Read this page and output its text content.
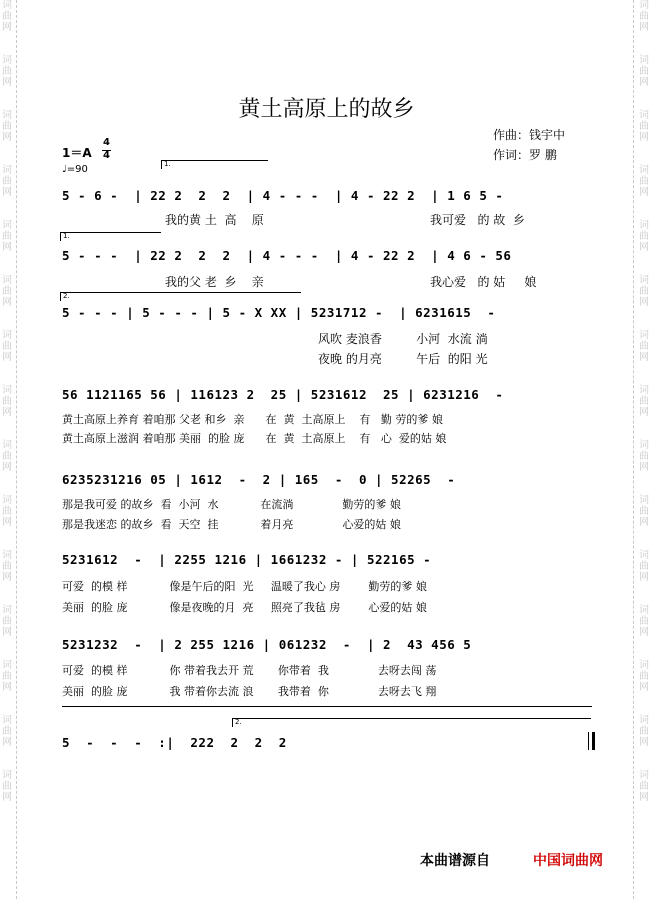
词
曲
网

词
曲
网

词
曲
网

词
曲
网

词
曲
网

词
曲
网

词
曲
网

词
曲
网

词
曲
网

词
曲
网

词
曲
网

词
曲
网

词
曲
网

词
曲
网

词
曲
网

词
曲
网

词
曲
网

词
曲
网

词
曲
网

词
曲
网

词
曲
网

词
曲
网

词
曲
网

词
曲
网

词
曲
网

词
曲
网

词
曲
网

词
曲
网

词
曲
网

词
曲
网

黄土高原上的故乡
作曲：钱宇中
作词：罗 鹏
1＝A
4
4
♩=90	1.
5 - 6 -  | 22 2  2  2  | 4 - - -  | 4 - 22 2  | 1 6 5 -
我的黄 土  高    原	我可爱   的 故  乡
1.
5 - - -  | 22 2  2  2  | 4 - - -  | 4 - 22 2  | 4 6 - 56
我的父 老  乡    亲	我心爱   的 姑     娘
2.
5 - - - | 5 - - - | 5 - X XX | 5231712 -  | 6231615  -
风吹 麦浪香         小河  水流 淌
夜晚 的月亮         午后  的阳 光
56 1121165 56 | 116123 2  25 | 5231612  25 | 6231216  -
黄土高原上养育 着咱那 父老 和乡  亲      在  黄  土高原上    有   勤 劳的爹 娘
黄土高原上滋润 着咱那 美丽  的脸 庞      在  黄  土高原上    有   心  爱的姑 娘
6235231216 05 | 1612  -  2 | 165  -  0 | 52265  -
那是我可爱 的故乡  看  小河  水            在流淌              勤劳的爹 娘
那是我迷恋 的故乡  看  天空  挂            着月亮              心爱的姑 娘
5231612  -  | 2255 1216 | 1661232 - | 522165 -
可爱  的模 样            像是午后的阳  光     温暖了我心 房        勤劳的爹 娘
美丽  的脸 庞            像是夜晚的月  亮     照亮了我毡 房        心爱的姑 娘
5231232  -  | 2 255 1216 | 061232  -  | 2  43 456 5
可爱  的模 样            你 带着我去开 荒       你带着  我              去呀去闯 荡
美丽  的脸 庞            我 带着你去流 浪       我带着  你              去呀去飞 翔
2.
5  -  -  -  :|  222  2  2  2
本曲谱源自	中国词曲网
